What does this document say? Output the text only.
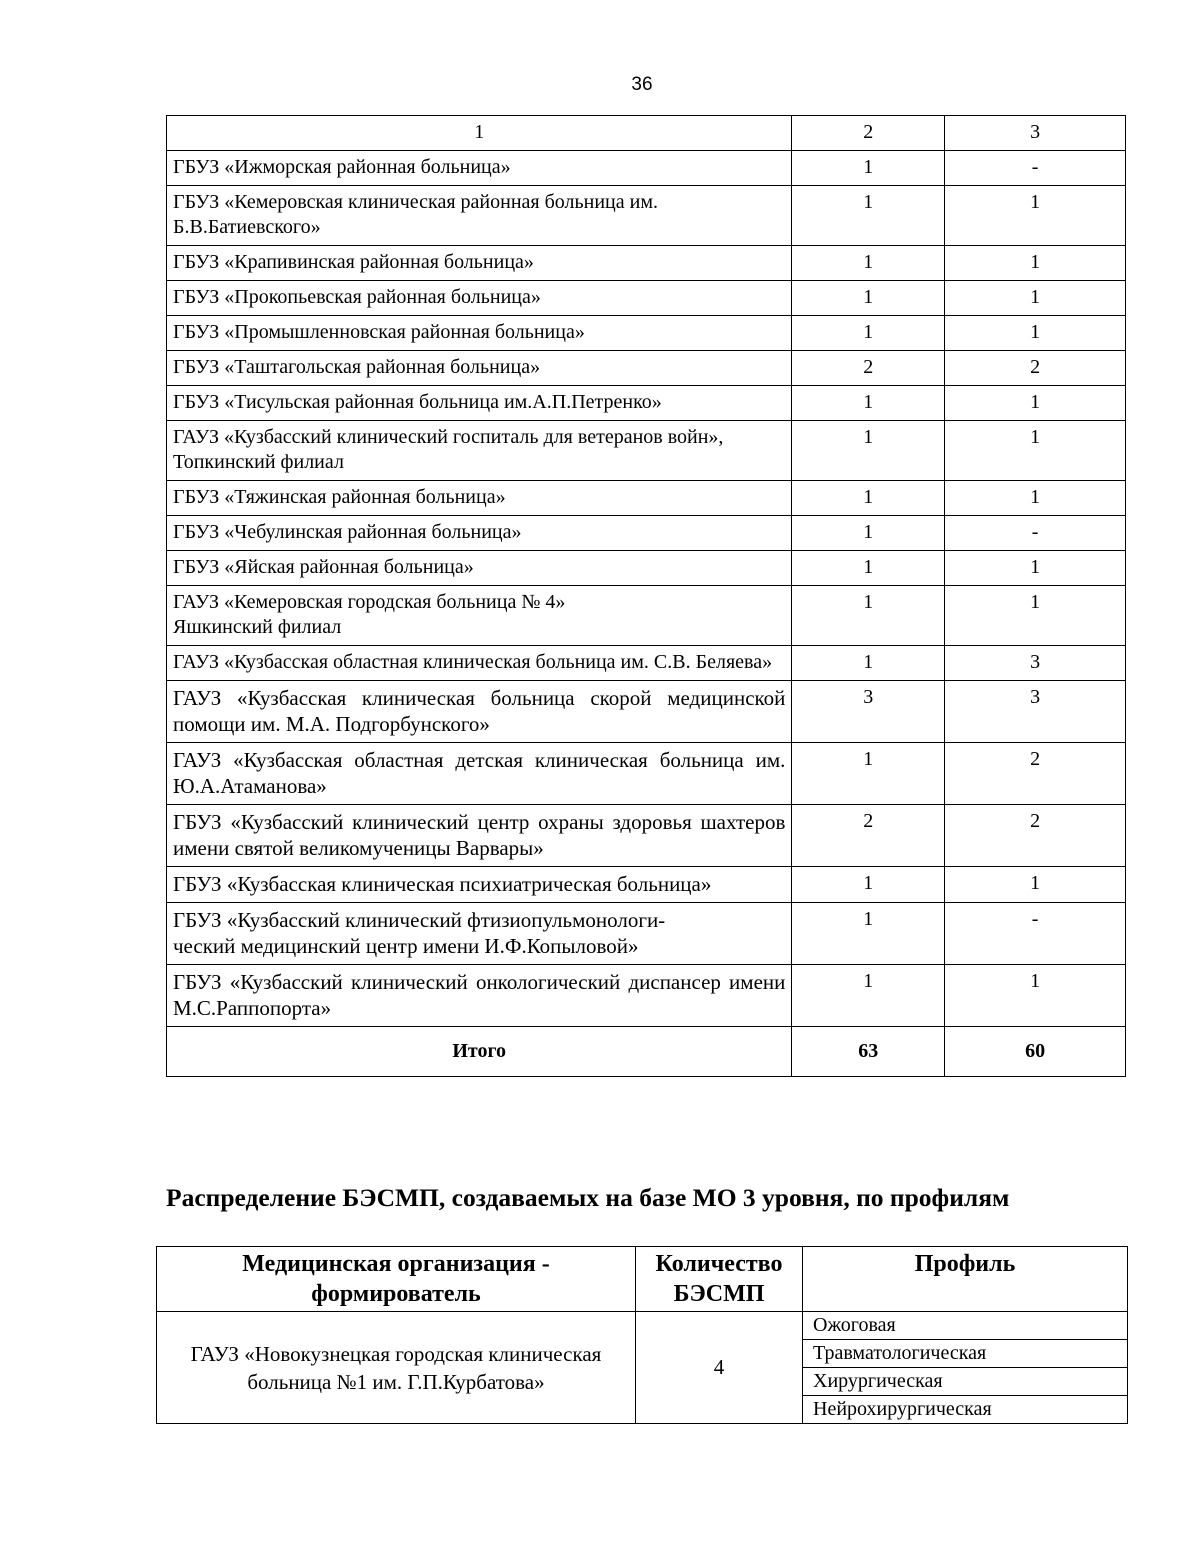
36
1	2	3
ГБУЗ «Ижморская районная больница»	1	-
ГБУЗ «Кемеровская клиническая районная больница им. Б.В.Батиевского»	1	1
ГБУЗ «Крапивинская районная больница»	1	1
ГБУЗ «Прокопьевская районная больница»	1	1
ГБУЗ «Промышленновская районная больница»	1	1
ГБУЗ «Таштагольская районная больница»	2	2
ГБУЗ «Тисульская районная больница им.А.П.Петренко»	1	1
ГАУЗ «Кузбасский клинический госпиталь для ветеранов войн», Топкинский филиал	1	1
ГБУЗ «Тяжинская районная больница»	1	1
ГБУЗ «Чебулинская районная больница»	1	-
ГБУЗ «Яйская районная больница»	1	1
ГАУЗ «Кемеровская городская больница № 4»
Яшкинский филиал	1	1
ГАУЗ «Кузбасская областная клиническая больница им. С.В. Беляева»	1	3
ГАУЗ «Кузбасская клиническая больница скорой медицинской помощи им. М.А. Подгорбунского»	3	3
ГАУЗ «Кузбасская областная детская клиническая больница им. Ю.А.Атаманова»	1	2
ГБУЗ «Кузбасский клинический центр охраны здоровья шахтеров имени святой великомученицы Варвары»	2	2
ГБУЗ «Кузбасская клиническая психиатрическая больница»	1	1
ГБУЗ «Кузбасский клинический фтизиопульмонологи-
ческий медицинский центр имени И.Ф.Копыловой»	1	-
ГБУЗ «Кузбасский клинический онкологический диспансер имени М.С.Раппопорта»	1	1
Итого	63	60
Распределение БЭСМП, создаваемых на базе МО 3 уровня, по профилям
Медицинская организация - формирователь	Количество БЭСМП	Профиль
ГАУЗ «Новокузнецкая городская клиническая больница №1 им. Г.П.Курбатова»	4	Ожоговая
		Травматологическая
		Хирургическая
		Нейрохирургическая
